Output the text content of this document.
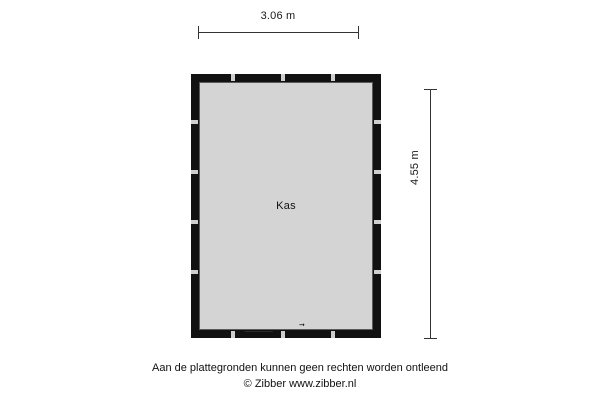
3.06 m
4.55 m
Kas
➞
Aan de plattegronden kunnen geen rechten worden ontleend
© Zibber www.zibber.nl
